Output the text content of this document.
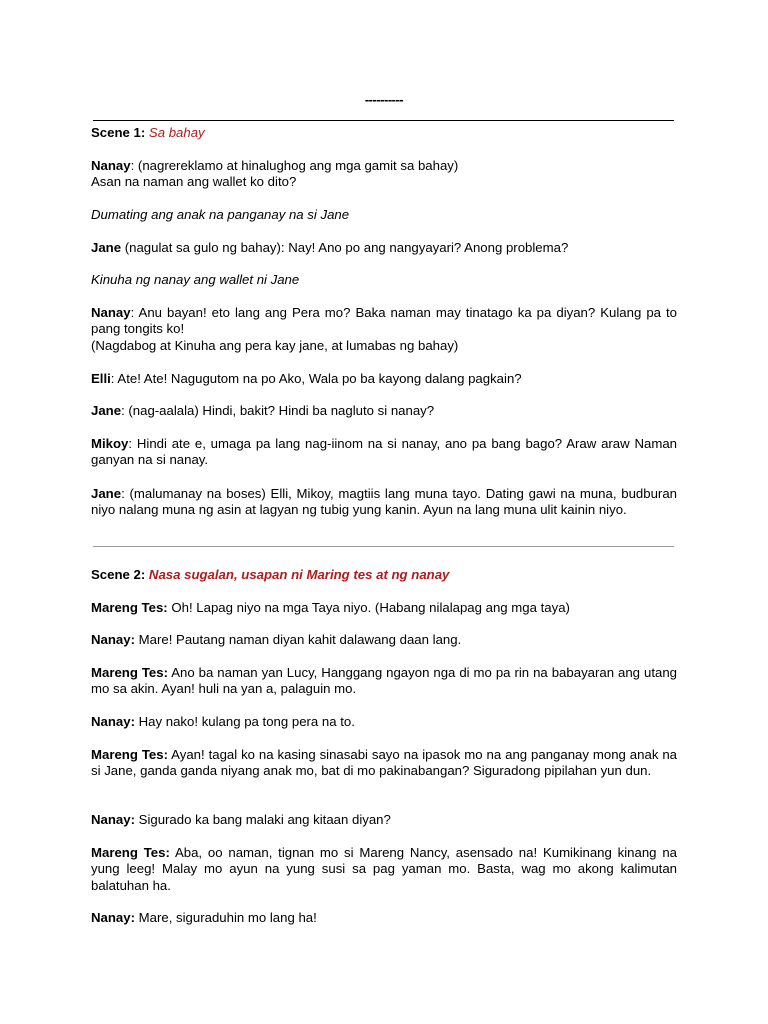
----------
Scene 1: Sa bahay
Nanay: (nagrereklamo at hinalughog ang mga gamit sa bahay)
Asan na naman ang wallet ko dito?
Dumating ang anak na panganay na si Jane
Jane (nagulat sa gulo ng bahay): Nay! Ano po ang nangyayari? Anong problema?
Kinuha ng nanay ang wallet ni Jane
Nanay: Anu bayan! eto lang ang Pera mo? Baka naman may tinatago ka pa diyan? Kulang pa to pang tongits ko!
(Nagdabog at Kinuha ang pera kay jane, at lumabas ng bahay)
Elli: Ate! Ate! Nagugutom na po Ako, Wala po ba kayong dalang pagkain?
Jane: (nag-aalala) Hindi, bakit? Hindi ba nagluto si nanay?
Mikoy: Hindi ate e, umaga pa lang nag-iinom na si nanay, ano pa bang bago? Araw araw Naman ganyan na si nanay.
Jane: (malumanay na boses) Elli, Mikoy, magtiis lang muna tayo. Dating gawi na muna, budburan niyo nalang muna ng asin at lagyan ng tubig yung kanin. Ayun na lang muna ulit kainin niyo.
Scene 2: Nasa sugalan, usapan ni Maring tes at ng nanay
Mareng Tes: Oh! Lapag niyo na mga Taya niyo. (Habang nilalapag ang mga taya)
Nanay: Mare! Pautang naman diyan kahit dalawang daan lang.
Mareng Tes: Ano ba naman yan Lucy, Hanggang ngayon nga di mo pa rin na babayaran ang utang mo sa akin. Ayan! huli na yan a, palaguin mo.
Nanay: Hay nako! kulang pa tong pera na to.
Mareng Tes: Ayan! tagal ko na kasing sinasabi sayo na ipasok mo na ang panganay mong anak na si Jane, ganda ganda niyang anak mo, bat di mo pakinabangan? Siguradong pipilahan yun dun.
Nanay: Sigurado ka bang malaki ang kitaan diyan?
Mareng Tes: Aba, oo naman, tignan mo si Mareng Nancy, asensado na! Kumikinang kinang na yung leeg! Malay mo ayun na yung susi sa pag yaman mo. Basta, wag mo akong kalimutan balatuhan ha.
Nanay: Mare, siguraduhin mo lang ha!
